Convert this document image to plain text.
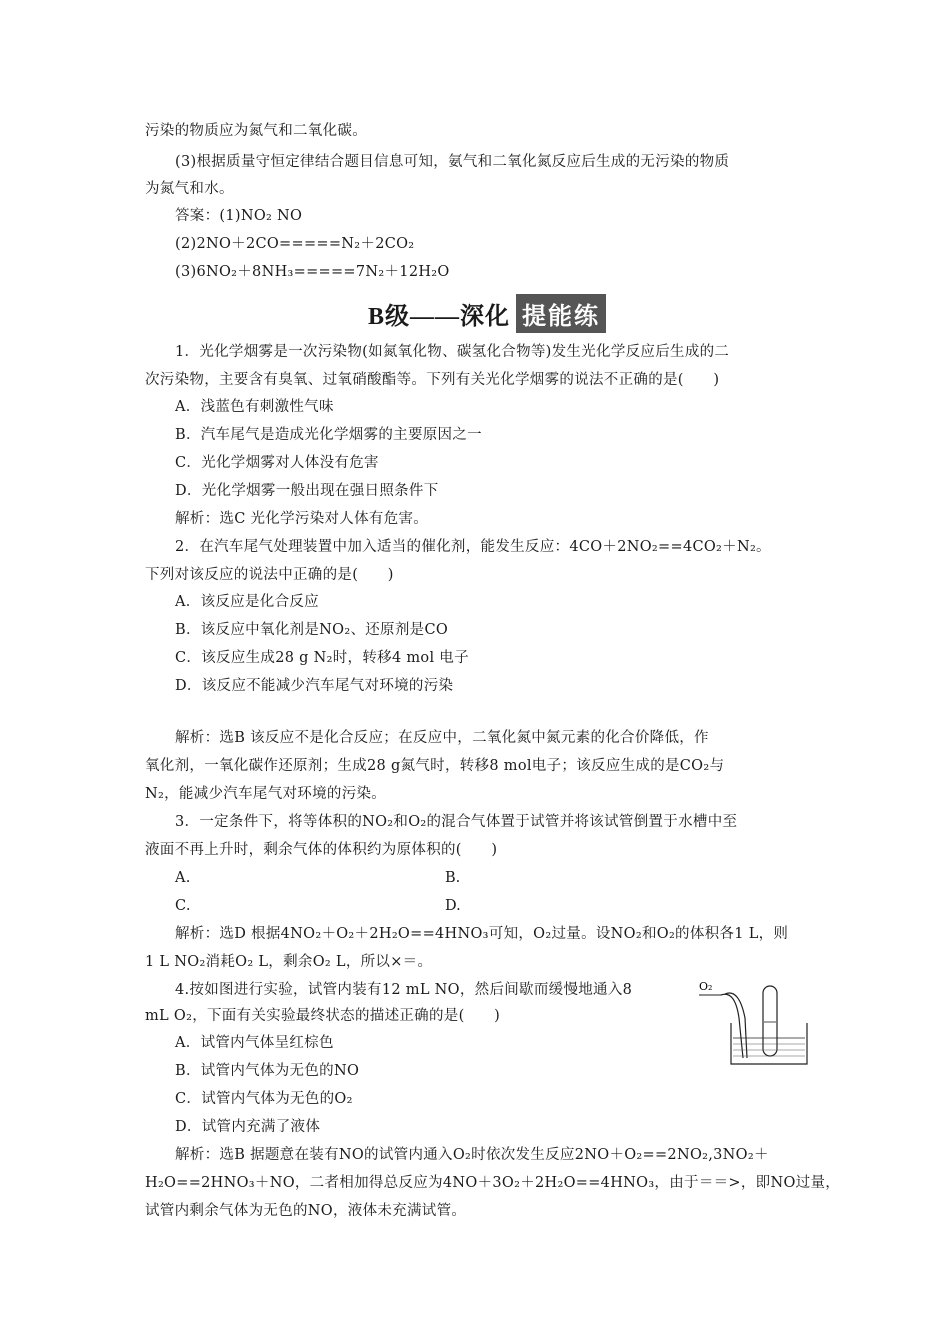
污染的物质应为氮气和二氧化碳。
(3)根据质量守恒定律结合题目信息可知，氨气和二氧化氮反应后生成的无污染的物质
为氮气和水。
答案：(1)NO₂ NO
(2)2NO＋2CO=====N₂＋2CO₂
(3)6NO₂＋8NH₃=====7N₂＋12H₂O
1．光化学烟雾是一次污染物(如氮氧化物、碳氢化合物等)发生光化学反应后生成的二
次污染物，主要含有臭氧、过氧硝酸酯等。下列有关光化学烟雾的说法不正确的是(　　)
A．浅蓝色有刺激性气味
B．汽车尾气是造成光化学烟雾的主要原因之一
C．光化学烟雾对人体没有危害
D．光化学烟雾一般出现在强日照条件下
解析：选C 光化学污染对人体有危害。
2．在汽车尾气处理装置中加入适当的催化剂，能发生反应：4CO＋2NO₂==4CO₂＋N₂。
下列对该反应的说法中正确的是(　　)
A．该反应是化合反应
B．该反应中氧化剂是NO₂、还原剂是CO
C．该反应生成28 g N₂时，转移4 mol 电子
D．该反应不能减少汽车尾气对环境的污染
解析：选B 该反应不是化合反应；在反应中，二氧化氮中氮元素的化合价降低，作
氧化剂，一氧化碳作还原剂；生成28 g氮气时，转移8 mol电子；该反应生成的是CO₂与
N₂，能减少汽车尾气对环境的污染。
3．一定条件下，将等体积的NO₂和O₂的混合气体置于试管并将该试管倒置于水槽中至
液面不再上升时，剩余气体的体积约为原体积的(　　)
A.	B.
C.	D.
解析：选D 根据4NO₂＋O₂＋2H₂O==4HNO₃可知，O₂过量。设NO₂和O₂的体积各1 L，则
1 L NO₂消耗O₂ L，剩余O₂ L，所以×＝。
4.按如图进行实验，试管内装有12 mL NO，然后间歇而缓慢地通入8
mL O₂，下面有关实验最终状态的描述正确的是(　　)
A．试管内气体呈红棕色
B．试管内气体为无色的NO
C．试管内气体为无色的O₂
D．试管内充满了液体
解析：选B 据题意在装有NO的试管内通入O₂时依次发生反应2NO＋O₂==2NO₂,3NO₂＋
H₂O==2HNO₃＋NO，二者相加得总反应为4NO＋3O₂＋2H₂O==4HNO₃，由于＝＝>，即NO过量，
试管内剩余气体为无色的NO，液体未充满试管。
B级——深化 提能练
O₂
